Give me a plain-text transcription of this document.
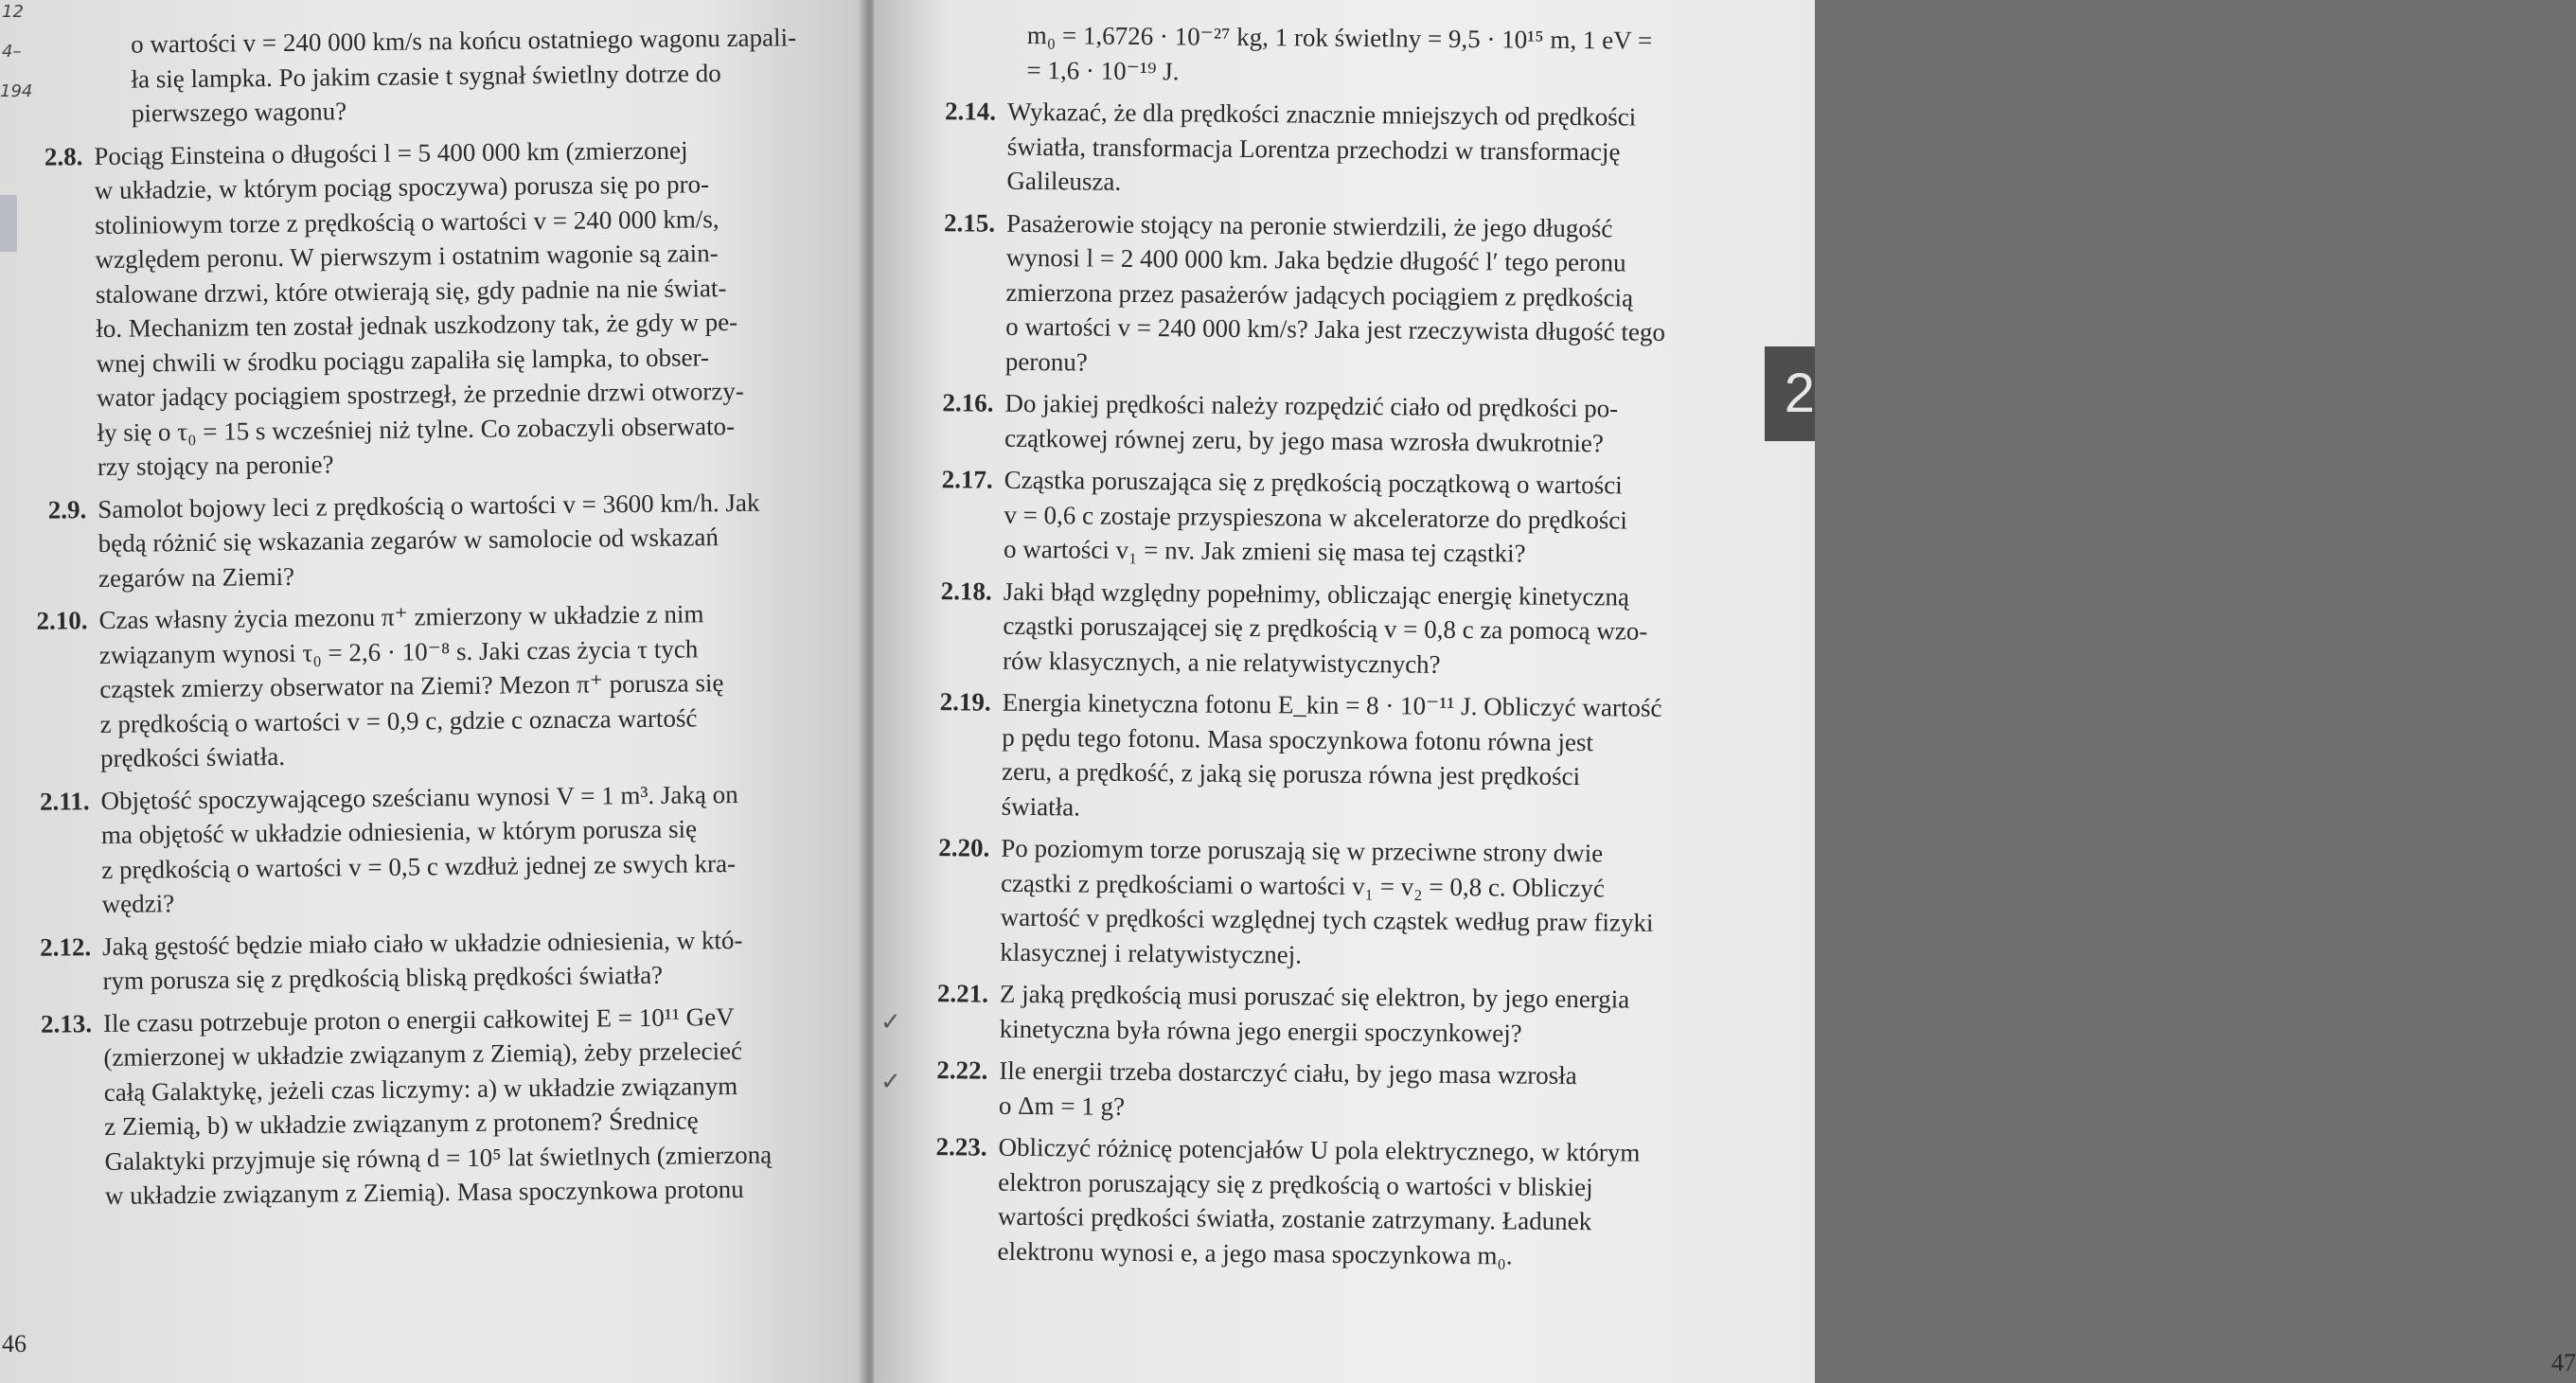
12
4–
194
o wartości v = 240 000 km/s na końcu ostatniego wagonu zapali-
ła się lampka. Po jakim czasie t sygnał świetlny dotrze do
pierwszego wagonu?
2.8. Pociąg Einsteina o długości l = 5 400 000 km (zmierzonej
w układzie, w którym pociąg spoczywa) porusza się po pro-
stoliniowym torze z prędkością o wartości v = 240 000 km/s,
względem peronu. W pierwszym i ostatnim wagonie są zain-
stalowane drzwi, które otwierają się, gdy padnie na nie świat-
ło. Mechanizm ten został jednak uszkodzony tak, że gdy w pe-
wnej chwili w środku pociągu zapaliła się lampka, to obser-
wator jadący pociągiem spostrzegł, że przednie drzwi otworzy-
ły się o τ₀ = 15 s wcześniej niż tylne. Co zobaczyli obserwato-
rzy stojący na peronie?
2.9. Samolot bojowy leci z prędkością o wartości v = 3600 km/h. Jak
będą różnić się wskazania zegarów w samolocie od wskazań
zegarów na Ziemi?
2.10. Czas własny życia mezonu π⁺ zmierzony w układzie z nim
związanym wynosi τ₀ = 2,6 · 10⁻⁸ s. Jaki czas życia τ tych
cząstek zmierzy obserwator na Ziemi? Mezon π⁺ porusza się
z prędkością o wartości v = 0,9 c, gdzie c oznacza wartość
prędkości światła.
2.11. Objętość spoczywającego sześcianu wynosi V = 1 m³. Jaką on
ma objętość w układzie odniesienia, w którym porusza się
z prędkością o wartości v = 0,5 c wzdłuż jednej ze swych kra-
wędzi?
2.12. Jaką gęstość będzie miało ciało w układzie odniesienia, w któ-
rym porusza się z prędkością bliską prędkości światła?
2.13. Ile czasu potrzebuje proton o energii całkowitej E = 10¹¹ GeV
(zmierzonej w układzie związanym z Ziemią), żeby przelecieć
całą Galaktykę, jeżeli czas liczymy: a) w układzie związanym
z Ziemią, b) w układzie związanym z protonem? Średnicę
Galaktyki przyjmuje się równą d = 10⁵ lat świetlnych (zmierzoną
w układzie związanym z Ziemią). Masa spoczynkowa protonu
46
m₀ = 1,6726 · 10⁻²⁷ kg, 1 rok świetlny = 9,5 · 10¹⁵ m, 1 eV =
= 1,6 · 10⁻¹⁹ J.
2.14. Wykazać, że dla prędkości znacznie mniejszych od prędkości
światła, transformacja Lorentza przechodzi w transformację
Galileusza.
2.15. Pasażerowie stojący na peronie stwierdzili, że jego długość
wynosi l = 2 400 000 km. Jaka będzie długość l′ tego peronu
zmierzona przez pasażerów jadących pociągiem z prędkością
o wartości v = 240 000 km/s? Jaka jest rzeczywista długość tego
peronu?
2.16. Do jakiej prędkości należy rozpędzić ciało od prędkości po-
czątkowej równej zeru, by jego masa wzrosła dwukrotnie?
2.17. Cząstka poruszająca się z prędkością początkową o wartości
v = 0,6 c zostaje przyspieszona w akceleratorze do prędkości
o wartości v₁ = nv. Jak zmieni się masa tej cząstki?
2.18. Jaki błąd względny popełnimy, obliczając energię kinetyczną
cząstki poruszającej się z prędkością v = 0,8 c za pomocą wzo-
rów klasycznych, a nie relatywistycznych?
2.19. Energia kinetyczna fotonu E_kin = 8 · 10⁻¹¹ J. Obliczyć wartość
p pędu tego fotonu. Masa spoczynkowa fotonu równa jest
zeru, a prędkość, z jaką się porusza równa jest prędkości
światła.
2.20. Po poziomym torze poruszają się w przeciwne strony dwie
cząstki z prędkościami o wartości v₁ = v₂ = 0,8 c. Obliczyć
wartość v prędkości względnej tych cząstek według praw fizyki
klasycznej i relatywistycznej.
2.21. Z jaką prędkością musi poruszać się elektron, by jego energia
kinetyczna była równa jego energii spoczynkowej?
2.22. Ile energii trzeba dostarczyć ciału, by jego masa wzrosła
o Δm = 1 g?
2.23. Obliczyć różnicę potencjałów U pola elektrycznego, w którym
elektron poruszający się z prędkością o wartości v bliskiej
wartości prędkości światła, zostanie zatrzymany. Ładunek
elektronu wynosi e, a jego masa spoczynkowa m₀.
47
✓
✓
2
